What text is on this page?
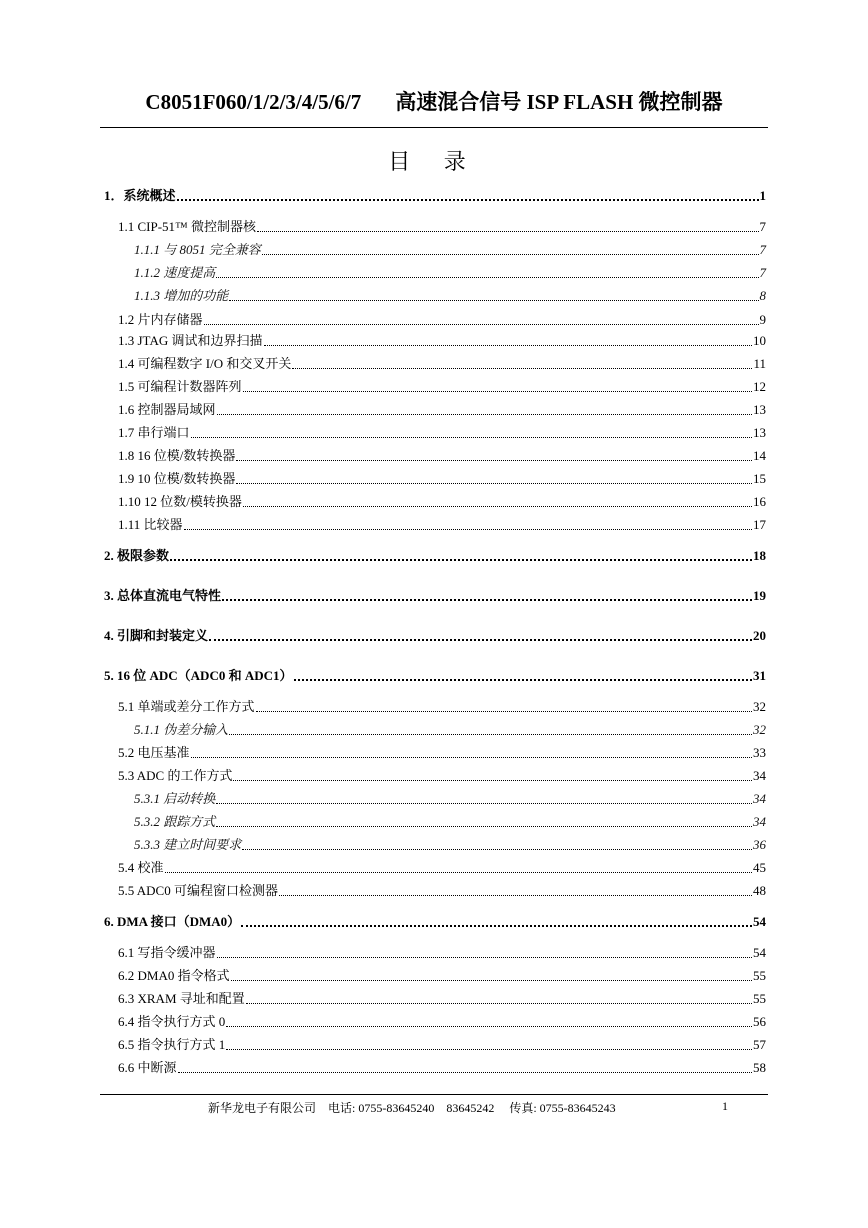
C8051F060/1/2/3/4/5/6/7 高速混合信号 ISP FLASH 微控制器
目 录
1．系统概述	1
1.1 CIP-51™ 微控制器核	7
1.1.1 与 8051 完全兼容	7
1.1.2 速度提高	7
1.1.3 增加的功能	8
1.2 片内存储器	9
1.3 JTAG 调试和边界扫描	10
1.4 可编程数字 I/O 和交叉开关	11
1.5 可编程计数器阵列	12
1.6 控制器局域网	13
1.7 串行端口	13
1.8 16 位模/数转换器	14
1.9 10 位模/数转换器	15
1.10 12 位数/模转换器	16
1.11 比较器	17
2. 极限参数	18
3. 总体直流电气特性	19
4. 引脚和封装定义	20
5. 16 位 ADC（ADC0 和 ADC1）	31
5.1 单端或差分工作方式	32
5.1.1 伪差分输入	32
5.2 电压基准	33
5.3 ADC 的工作方式	34
5.3.1 启动转换	34
5.3.2 跟踪方式	34
5.3.3 建立时间要求	36
5.4 校准	45
5.5 ADC0 可编程窗口检测器	48
6. DMA 接口（DMA0）	54
6.1 写指令缓冲器	54
6.2 DMA0 指令格式	55
6.3 XRAM 寻址和配置	55
6.4 指令执行方式 0	56
6.5 指令执行方式 1	57
6.6 中断源	58
新华龙电子有限公司　电话: 0755-83645240　83645242　 传真: 0755-83645243	1
